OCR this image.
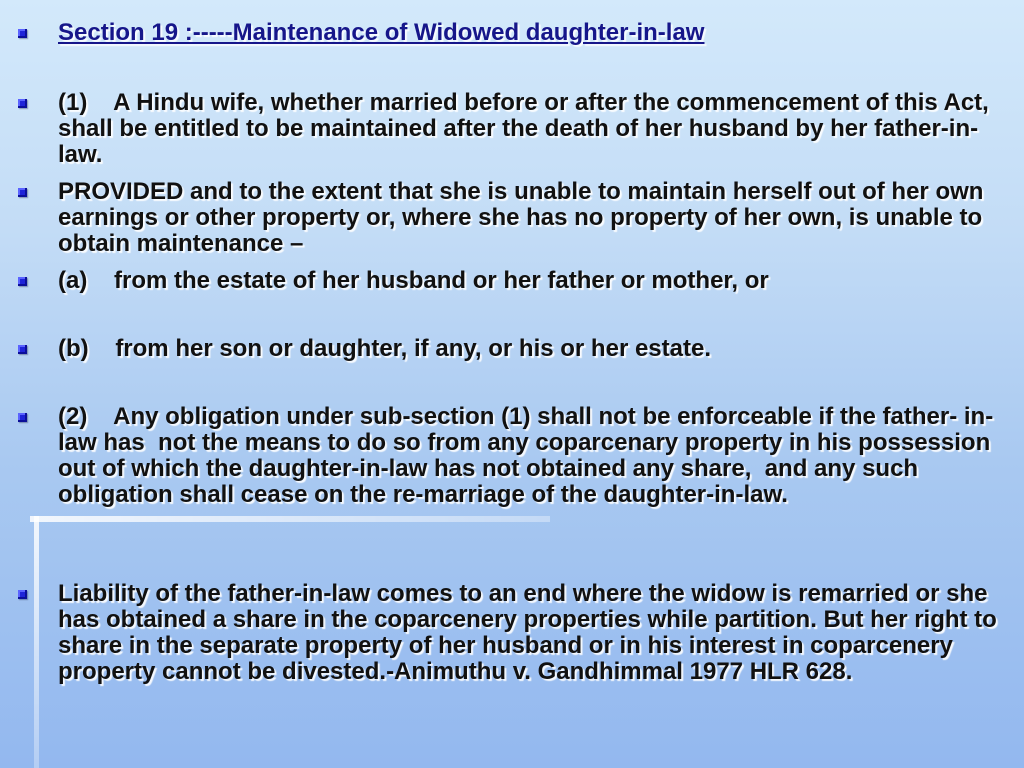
Section 19 :-----Maintenance of Widowed daughter-in-law
(1)    A Hindu wife, whether married before or after the commencement of this Act, shall be entitled to be maintained after the death of her husband by her father-in-law.
PROVIDED and to the extent that she is unable to maintain herself out of her own earnings or other property or, where she has no property of her own, is unable to obtain maintenance –
(a)    from the estate of her husband or her father or mother, or
(b)    from her son or daughter, if any, or his or her estate.
(2)    Any obligation under sub-section (1) shall not be enforceable if the father- in- law has  not the means to do so from any coparcenary property in his possession out of which the daughter-in-law has not obtained any share,  and any such obligation shall cease on the re-marriage of the daughter-in-law.
Liability of the father-in-law comes to an end where the widow is remarried or she has obtained a share in the coparcenery properties while partition. But her right to share in the separate property of her husband or in his interest in coparcenery property cannot be divested.-Animuthu v. Gandhimmal 1977 HLR 628.
